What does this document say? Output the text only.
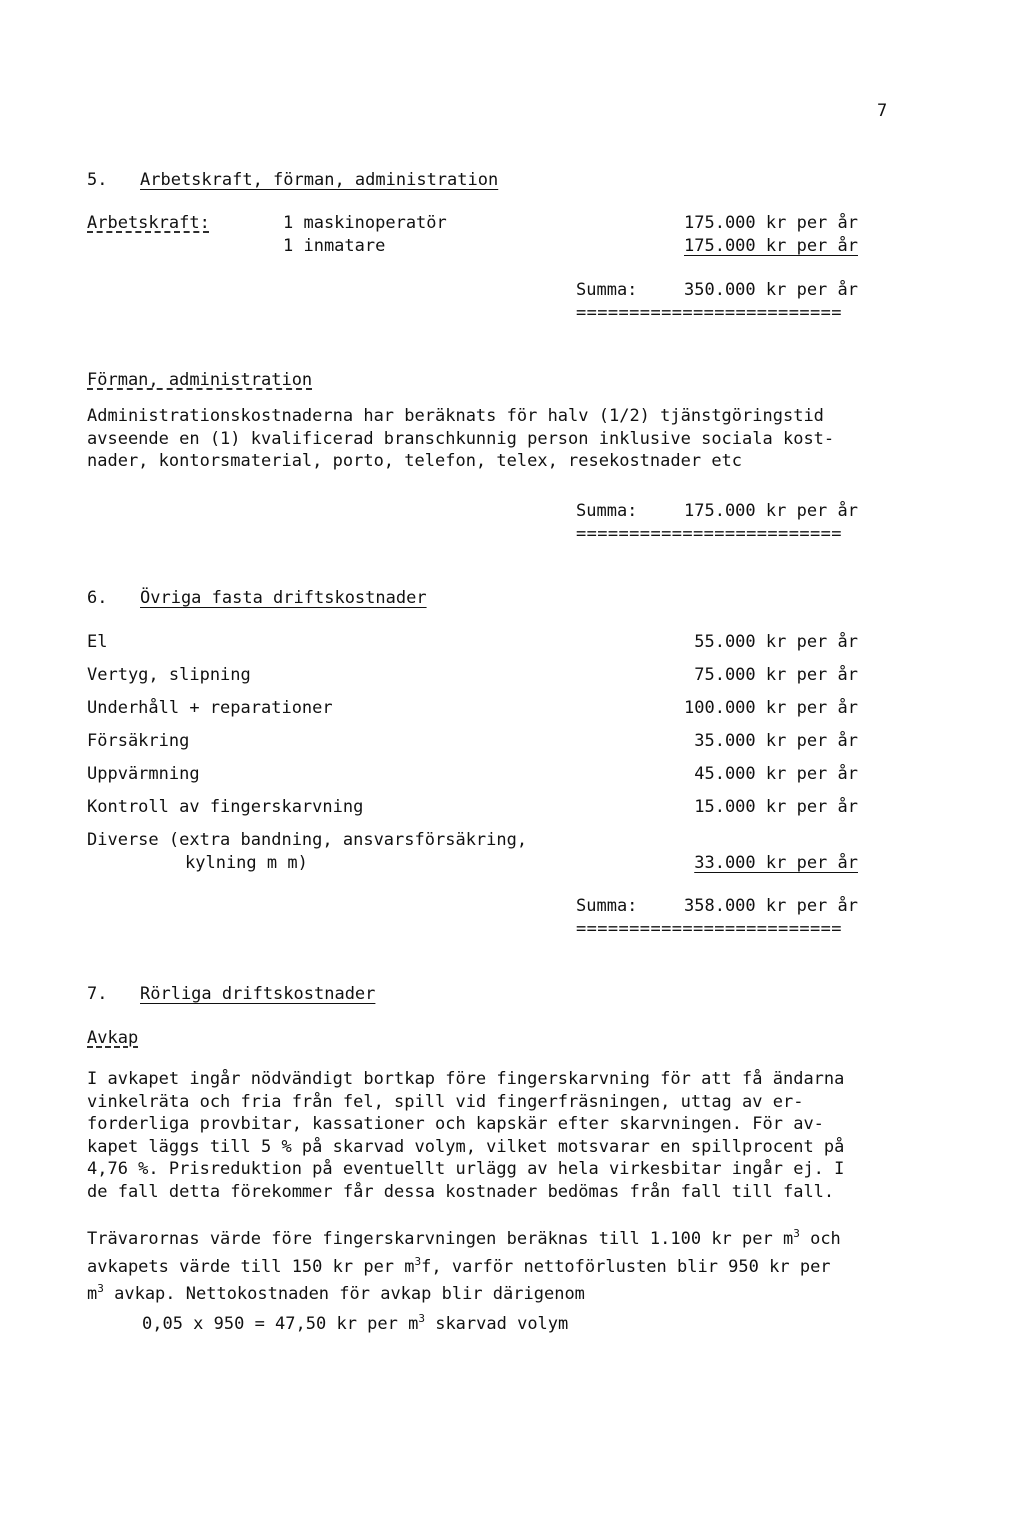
7
5. Arbetskraft, förman, administration
Arbetskraft:	1 maskinoperatör	175.000 kr per år
1 inmatare	175.000 kr per år
Summa:	350.000 kr per år
=========================
Förman, administration
Administrationskostnaderna har beräknats för halv (1/2) tjänstgöringstid
avseende en (1) kvalificerad branschkunnig person inklusive sociala kost-
nader, kontorsmaterial, porto, telefon, telex, resekostnader etc
Summa:	175.000 kr per år
=========================
6. Övriga fasta driftskostnader
El	55.000 kr per år
Vertyg, slipning	75.000 kr per år
Underhåll + reparationer	100.000 kr per år
Försäkring	35.000 kr per år
Uppvärmning	45.000 kr per år
Kontroll av fingerskarvning	15.000 kr per år
Diverse (extra bandning, ansvarsförsäkring,
kylning m m)	33.000 kr per år
Summa:	358.000 kr per år
=========================
7. Rörliga driftskostnader
Avkap
I avkapet ingår nödvändigt bortkap före fingerskarvning för att få ändarna
vinkelräta och fria från fel, spill vid fingerfräsningen, uttag av er-
forderliga provbitar, kassationer och kapskär efter skarvningen. För av-
kapet läggs till 5 % på skarvad volym, vilket motsvarar en spillprocent på
4,76 %. Prisreduktion på eventuellt urlägg av hela virkesbitar ingår ej. I
de fall detta förekommer får dessa kostnader bedömas från fall till fall.
Trävarornas värde före fingerskarvningen beräknas till 1.100 kr per $m^3$ och
avkapets värde till 150 kr per $m^3f$, varför nettoförlusten blir 950 kr per
$m^3$ avkap. Nettokostnaden för avkap blir därigenom
0,05 x 950 = 47,50 kr per $m^3$ skarvad volym
